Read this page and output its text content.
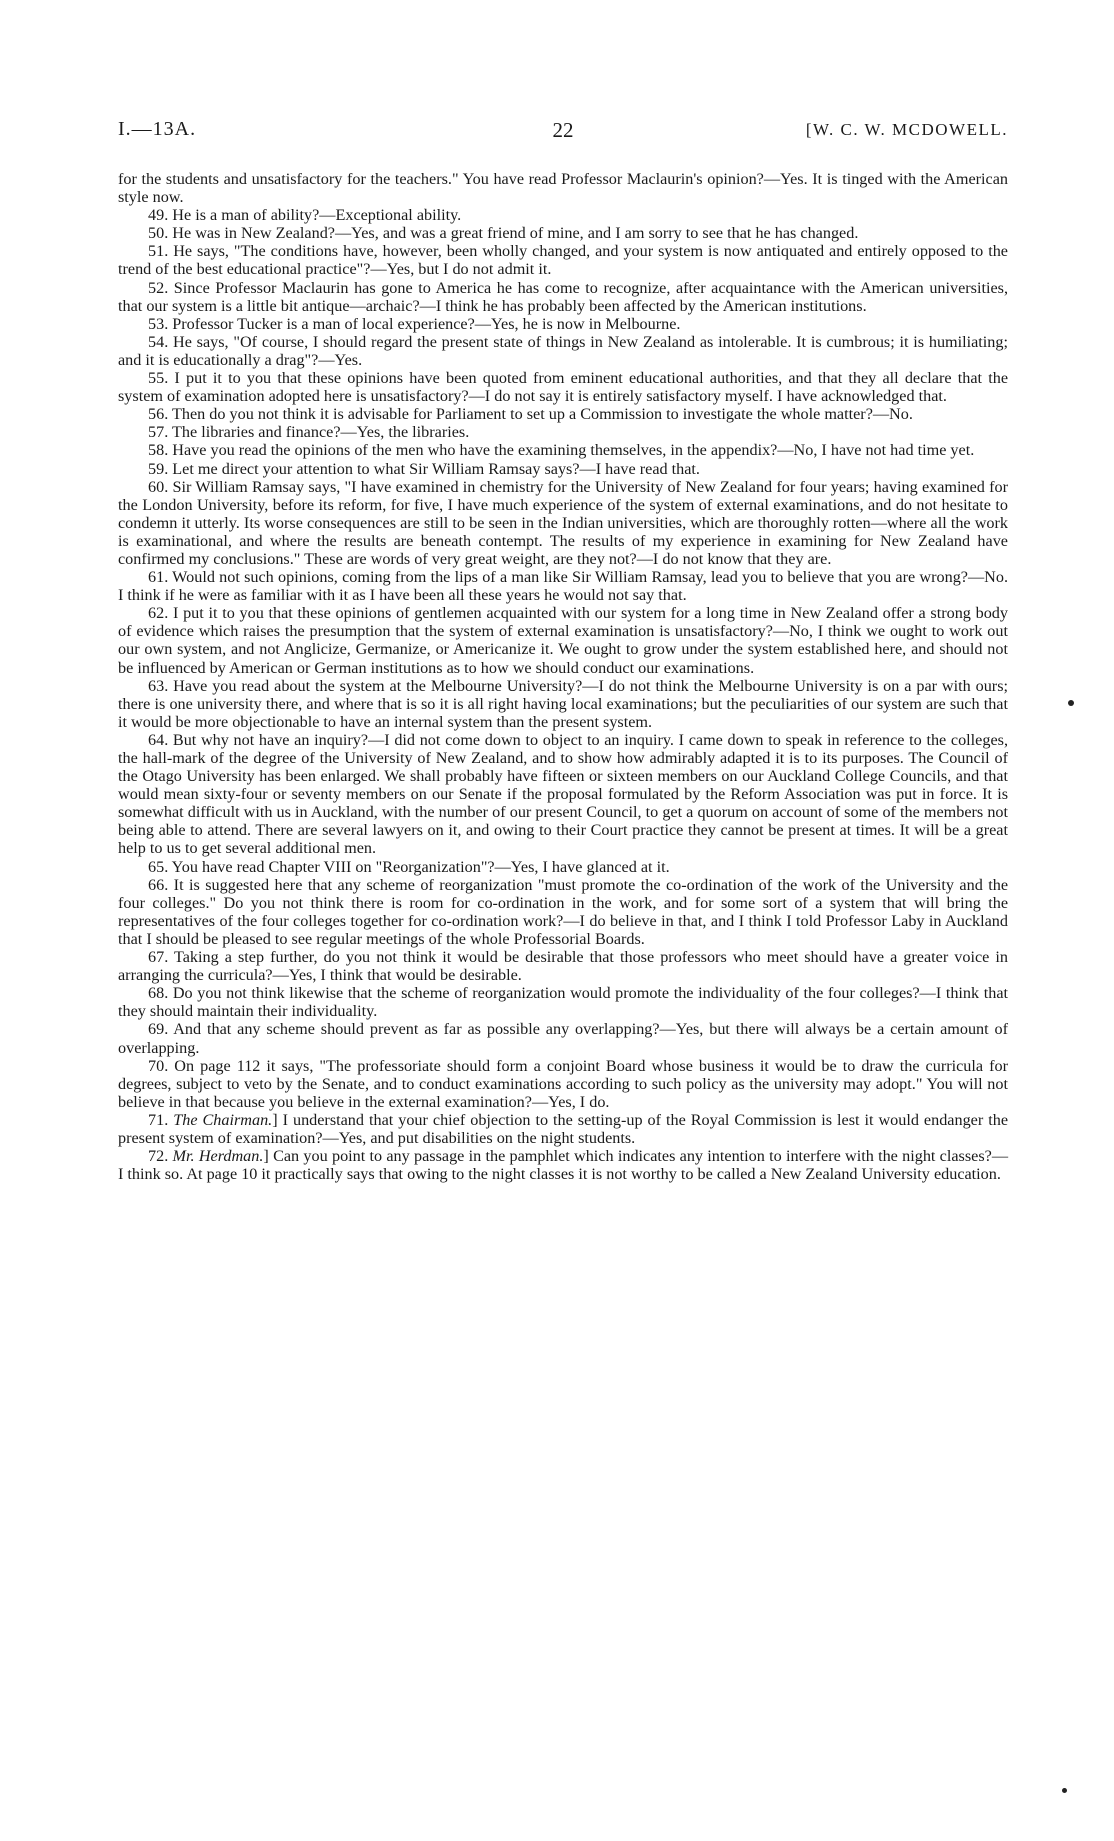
I.—13A.	22	[W. C. W. MCDOWELL.

for the students and unsatisfactory for the teachers." You have read Professor Maclaurin's opinion?—Yes. It is tinged with the American style now.

49. He is a man of ability?—Exceptional ability.

50. He was in New Zealand?—Yes, and was a great friend of mine, and I am sorry to see that he has changed.

51. He says, "The conditions have, however, been wholly changed, and your system is now antiquated and entirely opposed to the trend of the best educational practice"?—Yes, but I do not admit it.

52. Since Professor Maclaurin has gone to America he has come to recognize, after acquaintance with the American universities, that our system is a little bit antique—archaic?—I think he has probably been affected by the American institutions.

53. Professor Tucker is a man of local experience?—Yes, he is now in Melbourne.

54. He says, "Of course, I should regard the present state of things in New Zealand as intolerable. It is cumbrous; it is humiliating; and it is educationally a drag"?—Yes.

55. I put it to you that these opinions have been quoted from eminent educational authorities, and that they all declare that the system of examination adopted here is unsatisfactory?—I do not say it is entirely satisfactory myself. I have acknowledged that.

56. Then do you not think it is advisable for Parliament to set up a Commission to investigate the whole matter?—No.

57. The libraries and finance?—Yes, the libraries.

58. Have you read the opinions of the men who have the examining themselves, in the appendix?—No, I have not had time yet.

59. Let me direct your attention to what Sir William Ramsay says?—I have read that.

60. Sir William Ramsay says, "I have examined in chemistry for the University of New Zealand for four years; having examined for the London University, before its reform, for five, I have much experience of the system of external examinations, and do not hesitate to condemn it utterly. Its worse consequences are still to be seen in the Indian universities, which are thoroughly rotten—where all the work is examinational, and where the results are beneath contempt. The results of my experience in examining for New Zealand have confirmed my conclusions." These are words of very great weight, are they not?—I do not know that they are.

61. Would not such opinions, coming from the lips of a man like Sir William Ramsay, lead you to believe that you are wrong?—No. I think if he were as familiar with it as I have been all these years he would not say that.

62. I put it to you that these opinions of gentlemen acquainted with our system for a long time in New Zealand offer a strong body of evidence which raises the presumption that the system of external examination is unsatisfactory?—No, I think we ought to work out our own system, and not Anglicize, Germanize, or Americanize it. We ought to grow under the system established here, and should not be influenced by American or German institutions as to how we should conduct our examinations.

63. Have you read about the system at the Melbourne University?—I do not think the Melbourne University is on a par with ours; there is one university there, and where that is so it is all right having local examinations; but the peculiarities of our system are such that it would be more objectionable to have an internal system than the present system.

64. But why not have an inquiry?—I did not come down to object to an inquiry. I came down to speak in reference to the colleges, the hall-mark of the degree of the University of New Zealand, and to show how admirably adapted it is to its purposes. The Council of the Otago University has been enlarged. We shall probably have fifteen or sixteen members on our Auckland College Councils, and that would mean sixty-four or seventy members on our Senate if the proposal formulated by the Reform Association was put in force. It is somewhat difficult with us in Auckland, with the number of our present Council, to get a quorum on account of some of the members not being able to attend. There are several lawyers on it, and owing to their Court practice they cannot be present at times. It will be a great help to us to get several additional men.

65. You have read Chapter VIII on "Reorganization"?—Yes, I have glanced at it.

66. It is suggested here that any scheme of reorganization "must promote the co-ordination of the work of the University and the four colleges." Do you not think there is room for co-ordination in the work, and for some sort of a system that will bring the representatives of the four colleges together for co-ordination work?—I do believe in that, and I think I told Professor Laby in Auckland that I should be pleased to see regular meetings of the whole Professorial Boards.

67. Taking a step further, do you not think it would be desirable that those professors who meet should have a greater voice in arranging the curricula?—Yes, I think that would be desirable.

68. Do you not think likewise that the scheme of reorganization would promote the individuality of the four colleges?—I think that they should maintain their individuality.

69. And that any scheme should prevent as far as possible any overlapping?—Yes, but there will always be a certain amount of overlapping.

70. On page 112 it says, "The professoriate should form a conjoint Board whose business it would be to draw the curricula for degrees, subject to veto by the Senate, and to conduct examinations according to such policy as the university may adopt." You will not believe in that because you believe in the external examination?—Yes, I do.

71. The Chairman.] I understand that your chief objection to the setting-up of the Royal Commission is lest it would endanger the present system of examination?—Yes, and put disabilities on the night students.

72. Mr. Herdman.] Can you point to any passage in the pamphlet which indicates any intention to interfere with the night classes?—I think so. At page 10 it practically says that owing to the night classes it is not worthy to be called a New Zealand University education.
